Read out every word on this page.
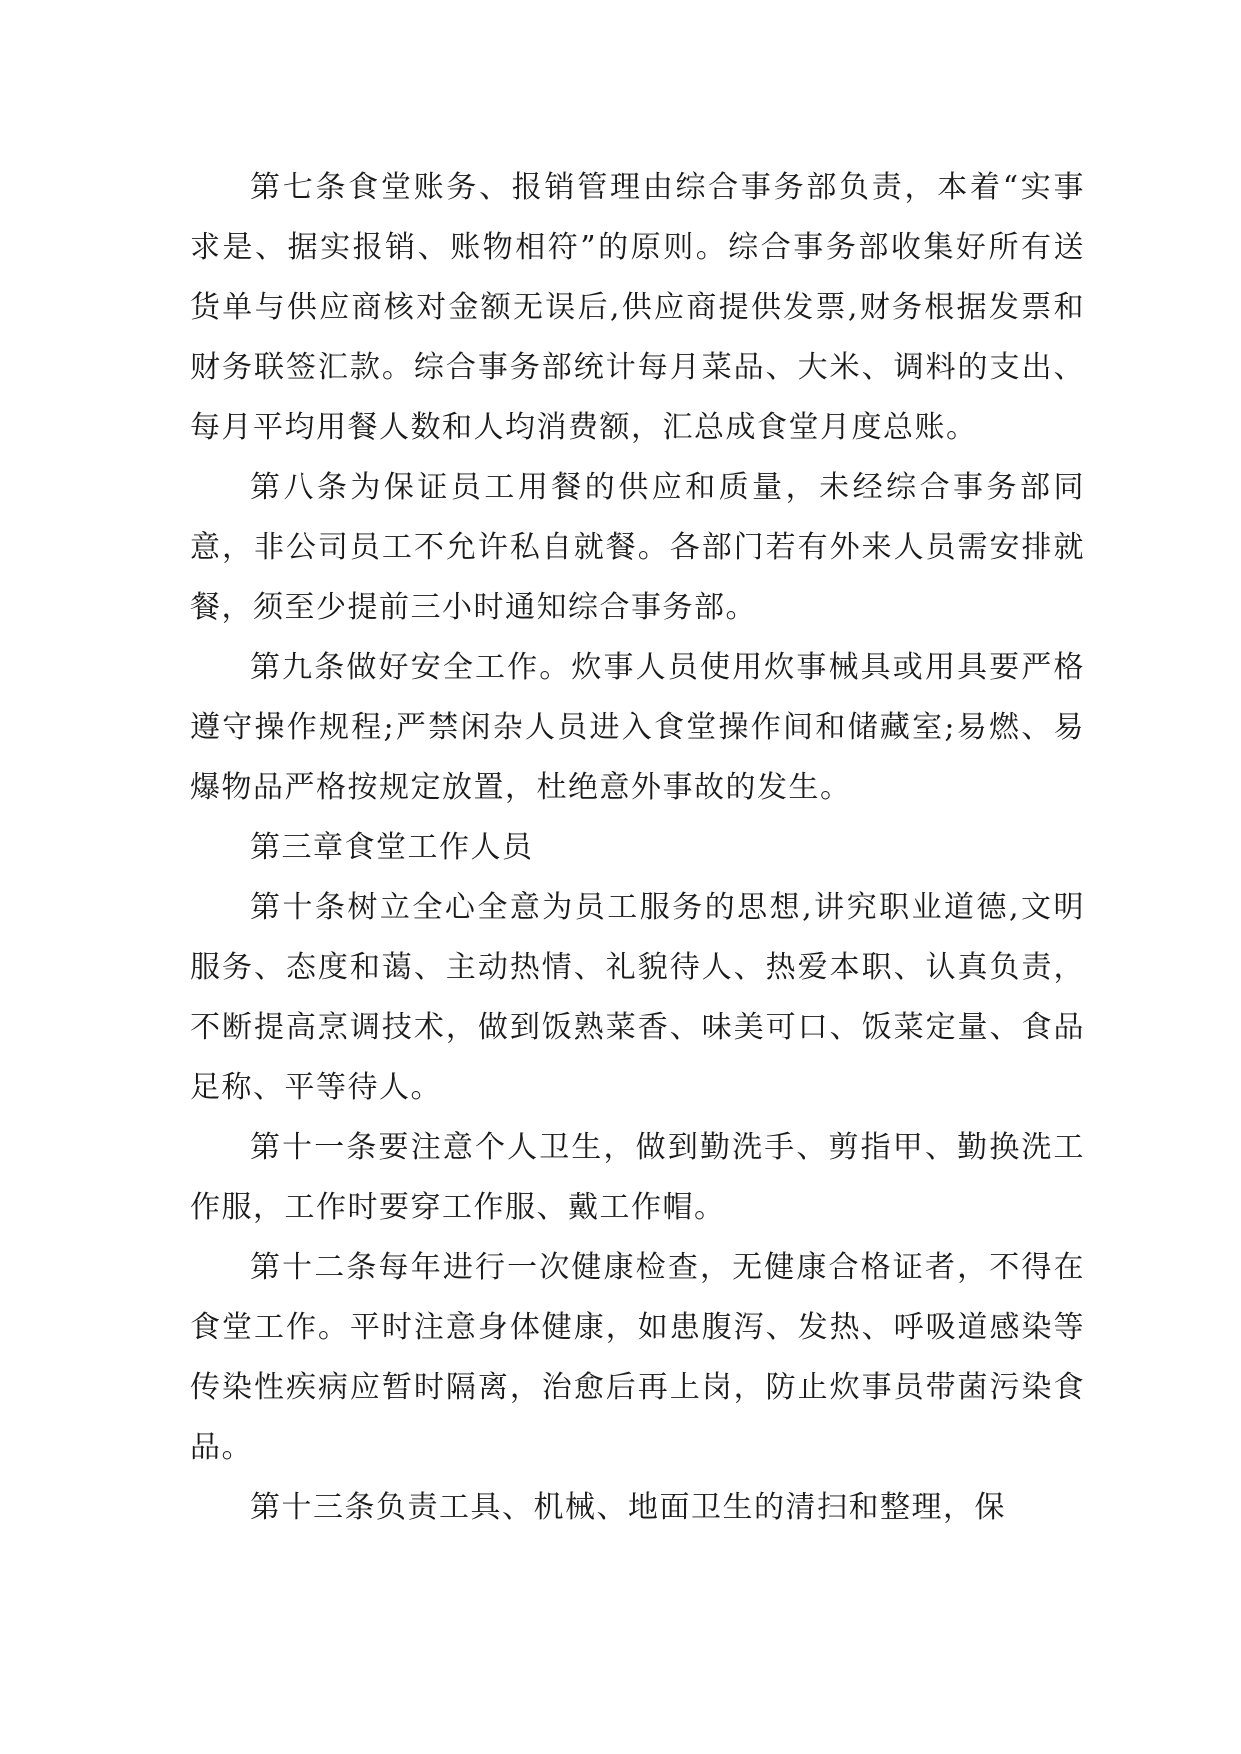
第七条食堂账务、报销管理由综合事务部负责，本着“实事求是、据实报销、账物相符”的原则。综合事务部收集好所有送货单与供应商核对金额无误后,供应商提供发票,财务根据发票和财务联签汇款。综合事务部统计每月菜品、大米、调料的支出、每月平均用餐人数和人均消费额，汇总成食堂月度总账。

第八条为保证员工用餐的供应和质量，未经综合事务部同意，非公司员工不允许私自就餐。各部门若有外来人员需安排就餐，须至少提前三小时通知综合事务部。

第九条做好安全工作。炊事人员使用炊事械具或用具要严格遵守操作规程;严禁闲杂人员进入食堂操作间和储藏室;易燃、易爆物品严格按规定放置，杜绝意外事故的发生。

第三章食堂工作人员

第十条树立全心全意为员工服务的思想,讲究职业道德,文明服务、态度和蔼、主动热情、礼貌待人、热爱本职、认真负责，不断提高烹调技术，做到饭熟菜香、味美可口、饭菜定量、食品足称、平等待人。

第十一条要注意个人卫生，做到勤洗手、剪指甲、勤换洗工作服，工作时要穿工作服、戴工作帽。

第十二条每年进行一次健康检查，无健康合格证者，不得在食堂工作。平时注意身体健康，如患腹泻、发热、呼吸道感染等传染性疾病应暂时隔离，治愈后再上岗，防止炊事员带菌污染食品。

第十三条负责工具、机械、地面卫生的清扫和整理，保
